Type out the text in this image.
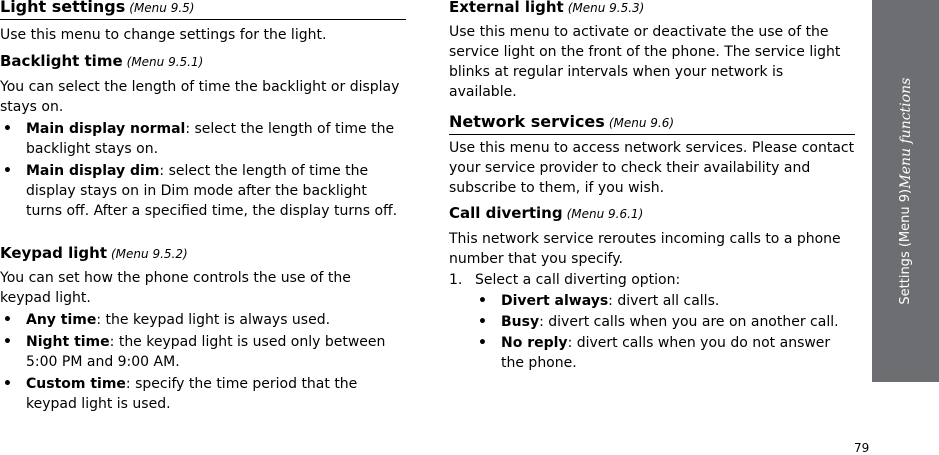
Light settings (Menu 9.5)

Use this menu to change settings for the light.

Backlight time (Menu 9.5.1)

You can select the length of time the backlight or display stays on.

• Main display normal: select the length of time the backlight stays on.
• Main display dim: select the length of time the display stays on in Dim mode after the backlight turns off. After a specified time, the display turns off.
Keypad light (Menu 9.5.2)

You can set how the phone controls the use of the keypad light.

• Any time: the keypad light is always used.
• Night time: the keypad light is used only between 5:00 PM and 9:00 AM.
• Custom time: specify the time period that the keypad light is used.
External light (Menu 9.5.3)

Use this menu to activate or deactivate the use of the service light on the front of the phone. The service light blinks at regular intervals when your network is available.

Network services (Menu 9.6)

Use this menu to access network services. Please contact your service provider to check their availability and subscribe to them, if you wish.

Call diverting (Menu 9.6.1)

This network service reroutes incoming calls to a phone number that you specify.

1. Select a call diverting option:
• Divert always: divert all calls.
• Busy: divert calls when you are on another call.
• No reply: divert calls when you do not answer the phone.
Settings (Menu 9)Menu functions
79
